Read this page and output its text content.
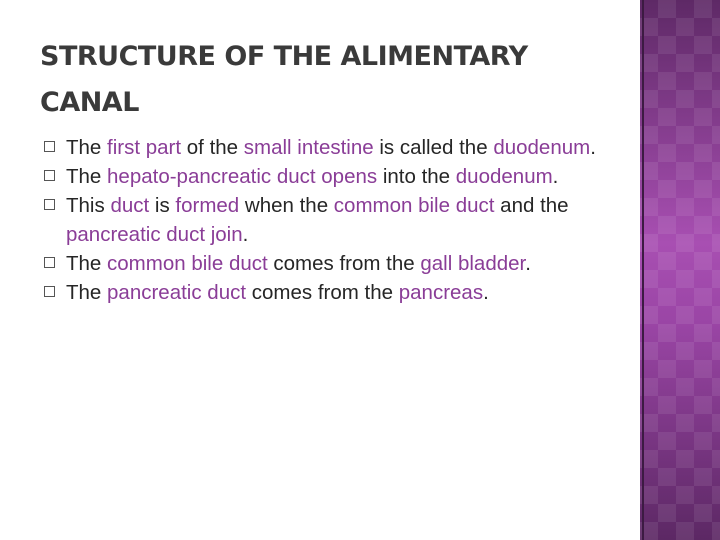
STRUCTURE OF THE ALIMENTARY
CANAL
The first part of the small intestine is called the duodenum.
The hepato-pancreatic duct opens into the duodenum.
This duct is formed when the common bile duct and the pancreatic duct join.
The common bile duct comes from the gall bladder.
The pancreatic duct comes from the pancreas.
